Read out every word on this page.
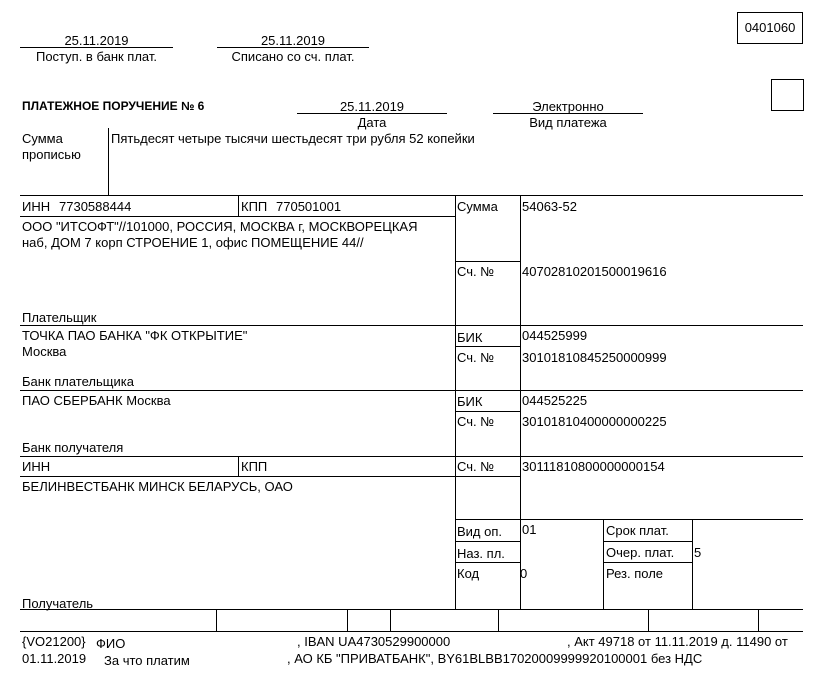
0401060
25.11.2019
Поступ. в банк плат.
25.11.2019
Списано со сч. плат.
ПЛАТЕЖНОЕ ПОРУЧЕНИЕ № 6	25.11.2019
Дата
Электронно
Вид платежа
Сумма
прописью
Пятьдесят четыре тысячи шестьдесят три рубля 52 копейки
ИНН 7730588444	КПП 770501001
ООО "ИТСОФТ"//101000, РОССИЯ, МОСКВА г, МОСКВОРЕЦКАЯ
наб, ДОМ 7 корп СТРОЕНИЕ 1, офис ПОМЕЩЕНИЕ 44//
Плательщик
Сумма 54063-52
Сч. № 40702810201500019616
ТОЧКА ПАО БАНКА "ФК ОТКРЫТИЕ"
Москва
Банк плательщика
БИК	044525999
Сч. № 30101810845250000999
ПАО СБЕРБАНК Москва
Банк получателя
БИК	044525225
Сч. № 30101810400000000225
ИНН	КПП	Сч. № 30111810800000000154
БЕЛИНВЕСТБАНК МИНСК БЕЛАРУСЬ, ОАО
Получатель
Вид оп. 01
Наз. пл.
Код	0
Срок плат.
Очер. плат. 5
Рез. поле
{VO21200} ФИО	, IBAN UA4730529900000	, Акт 49718 от 11.11.2019 д. 11490 от
01.11.2019 За что платим	, АО КБ "ПРИВАТБАНК", BY61BLBB17020009999920100001 без НДС
